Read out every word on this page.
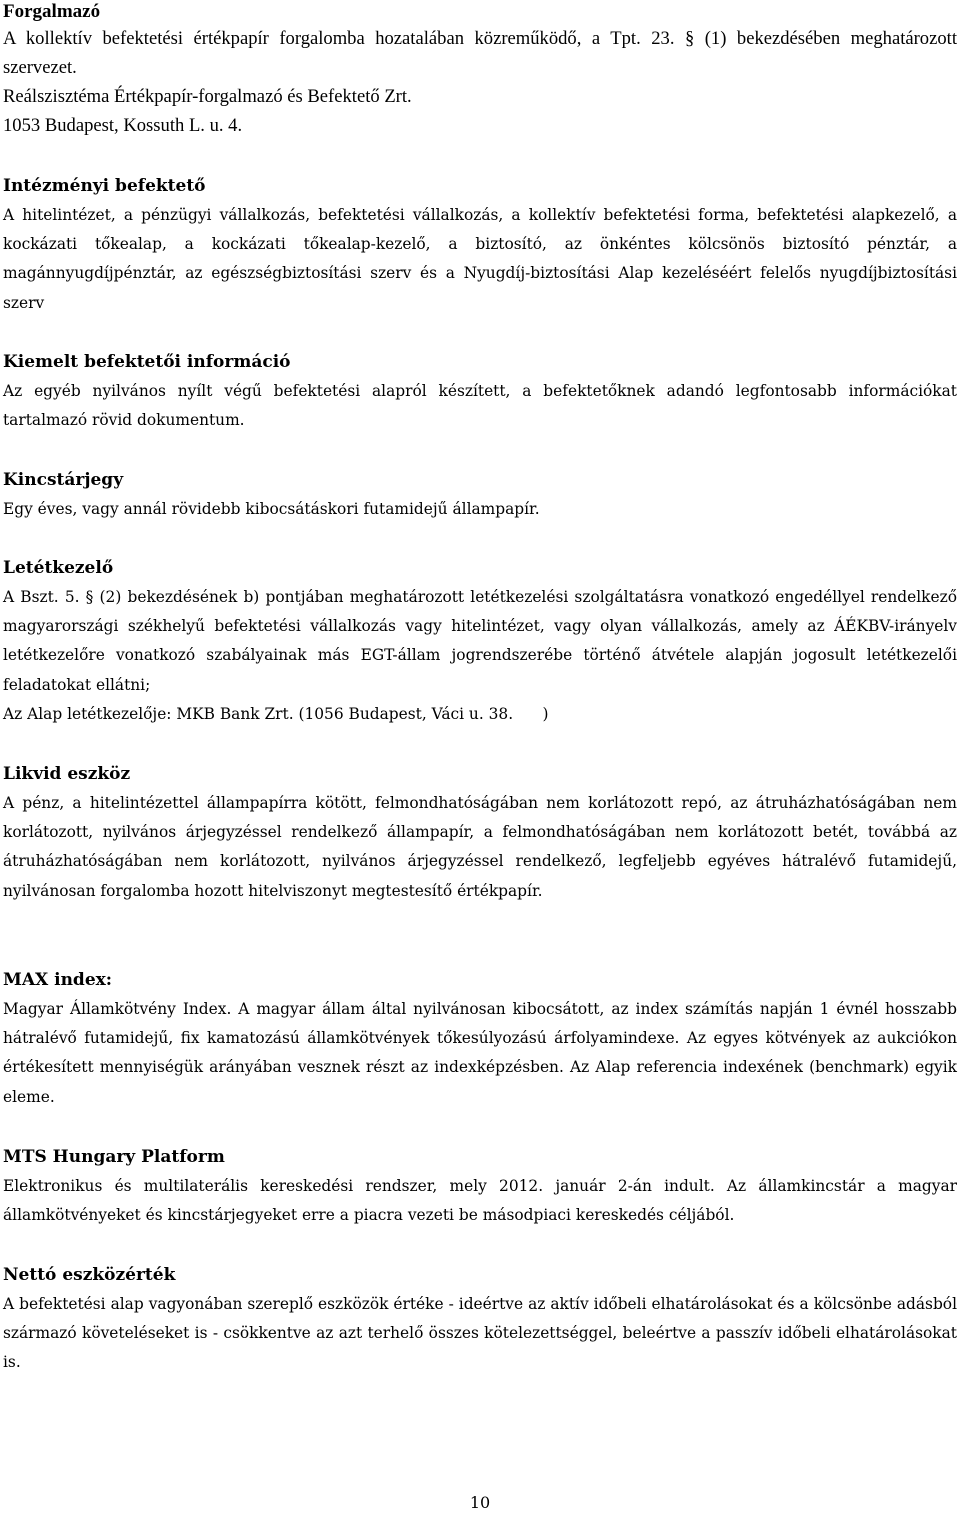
Forgalmazó

A kollektív befektetési értékpapír forgalomba hozatalában közreműködő, a Tpt. 23. § (1) bekezdésében meghatározott szervezet.
Reálszisztéma Értékpapír-forgalmazó és Befektető Zrt.
1053 Budapest, Kossuth L. u. 4.

Intézményi befektető

A hitelintézet, a pénzügyi vállalkozás, befektetési vállalkozás, a kollektív befektetési forma, befektetési alapkezelő, a kockázati tőkealap, a kockázati tőkealap-kezelő, a biztosító, az önkéntes kölcsönös biztosító pénztár, a magánnyugdíjpénztár, az egészségbiztosítási szerv és a Nyugdíj-biztosítási Alap kezeléséért felelős nyugdíjbiztosítási szerv

Kiemelt befektetői információ

Az egyéb nyilvános nyílt végű befektetési alapról készített, a befektetőknek adandó legfontosabb információkat tartalmazó rövid dokumentum.

Kincstárjegy

Egy éves, vagy annál rövidebb kibocsátáskori futamidejű állampapír.

Letétkezelő

A Bszt. 5. § (2) bekezdésének b) pontjában meghatározott letétkezelési szolgáltatásra vonatkozó engedéllyel rendelkező magyarországi székhelyű befektetési vállalkozás vagy hitelintézet, vagy olyan vállalkozás, amely az ÁÉKBV-irányelv letétkezelőre vonatkozó szabályainak más EGT-állam jogrendszerébe történő átvétele alapján jogosult letétkezelői feladatokat ellátni;
Az Alap letétkezelője: MKB Bank Zrt. (1056 Budapest, Váci u. 38.      )

Likvid eszköz

A pénz, a hitelintézettel állampapírra kötött, felmondhatóságában nem korlátozott repó, az átruházhatóságában nem korlátozott, nyilvános árjegyzéssel rendelkező állampapír, a felmondhatóságában nem korlátozott betét, továbbá az átruházhatóságában nem korlátozott, nyilvános árjegyzéssel rendelkező, legfeljebb egyéves hátralévő futamidejű, nyilvánosan forgalomba hozott hitelviszonyt megtestesítő értékpapír.

MAX index:

Magyar Államkötvény Index. A magyar állam által nyilvánosan kibocsátott, az index számítás napján 1 évnél hosszabb hátralévő futamidejű, fix kamatozású államkötvények tőkesúlyozású árfolyamindexe. Az egyes kötvények az aukciókon értékesített mennyiségük arányában vesznek részt az indexképzésben. Az Alap referencia indexének (benchmark) egyik eleme.

MTS Hungary Platform

Elektronikus és multilaterális kereskedési rendszer, mely 2012. január 2-án indult. Az államkincstár a magyar államkötvényeket és kincstárjegyeket erre a piacra vezeti be másodpiaci kereskedés céljából.

Nettó eszközérték

A befektetési alap vagyonában szereplő eszközök értéke - ideértve az aktív időbeli elhatárolásokat és a kölcsönbe adásból származó követeléseket is - csökkentve az azt terhelő összes kötelezettséggel, beleértve a passzív időbeli elhatárolásokat is.

10
